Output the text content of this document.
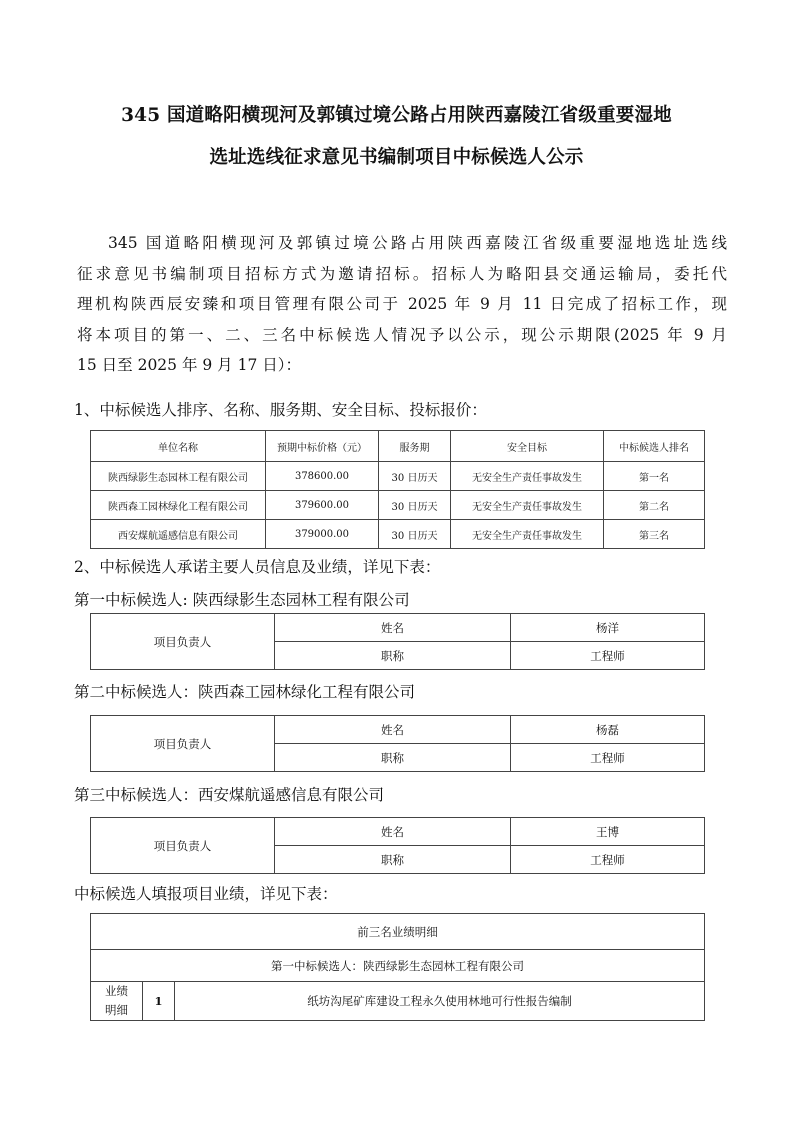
345 国道略阳横现河及郭镇过境公路占用陕西嘉陵江省级重要湿地
选址选线征求意见书编制项目中标候选人公示

345 国道略阳横现河及郭镇过境公路占用陕西嘉陵江省级重要湿地选址选线

征求意见书编制项目招标方式为邀请招标。招标人为略阳县交通运输局，委托代

理机构陕西辰安臻和项目管理有限公司于 2025 年 9 月 11 日完成了招标工作，现

将本项目的第一、二、三名中标候选人情况予以公示，现公示期限(2025 年 9 月

15 日至 2025 年 9 月 17 日）：

1、中标候选人排序、名称、服务期、安全目标、投标报价：
单位名称	预期中标价格（元）	服务期	安全目标	中标候选人排名
陕西绿影生态园林工程有限公司	378600.00	30 日历天	无安全生产责任事故发生	第一名
陕西森工园林绿化工程有限公司	379600.00	30 日历天	无安全生产责任事故发生	第二名
西安煤航遥感信息有限公司	379000.00	30 日历天	无安全生产责任事故发生	第三名
2、中标候选人承诺主要人员信息及业绩，详见下表：
第一中标候选人: 陕西绿影生态园林工程有限公司
项目负责人	姓名	杨洋
	职称	工程师
第二中标候选人：陕西森工园林绿化工程有限公司
项目负责人	姓名	杨磊
	职称	工程师
第三中标候选人：西安煤航遥感信息有限公司
项目负责人	姓名	王博
	职称	工程师
中标候选人填报项目业绩，详见下表：
前三名业绩明细
第一中标候选人：陕西绿影生态园林工程有限公司
业绩
明细	1	纸坊沟尾矿库建设工程永久使用林地可行性报告编制
